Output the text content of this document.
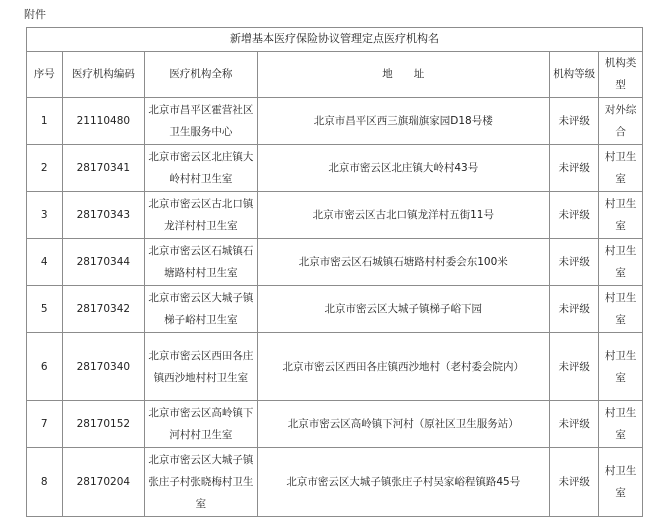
附件
新增基本医疗保险协议管理定点医疗机构名					
序号	医疗机构编码	医疗机构全称	地　　址	机构等级	机构类型
1	21110480	北京市昌平区霍营社区卫生服务中心	北京市昌平区西三旗瑞旗家园D18号楼	未评级	对外综合
2	28170341	北京市密云区北庄镇大岭村村卫生室	北京市密云区北庄镇大岭村43号	未评级	村卫生室
3	28170343	北京市密云区古北口镇龙洋村村卫生室	北京市密云区古北口镇龙洋村五街11号	未评级	村卫生室
4	28170344	北京市密云区石城镇石塘路村村卫生室	北京市密云区石城镇石塘路村村委会东100米	未评级	村卫生室
5	28170342	北京市密云区大城子镇梯子峪村卫生室	北京市密云区大城子镇梯子峪下园	未评级	村卫生室
6	28170340	北京市密云区西田各庄镇西沙地村村卫生室	北京市密云区西田各庄镇西沙地村（老村委会院内）	未评级	村卫生室
7	28170152	北京市密云区高岭镇下河村村卫生室	北京市密云区高岭镇下河村（原社区卫生服务站）	未评级	村卫生室
8	28170204	北京市密云区大城子镇张庄子村张晓梅村卫生室	北京市密云区大城子镇张庄子村吴家峪程镇路45号	未评级	村卫生室
